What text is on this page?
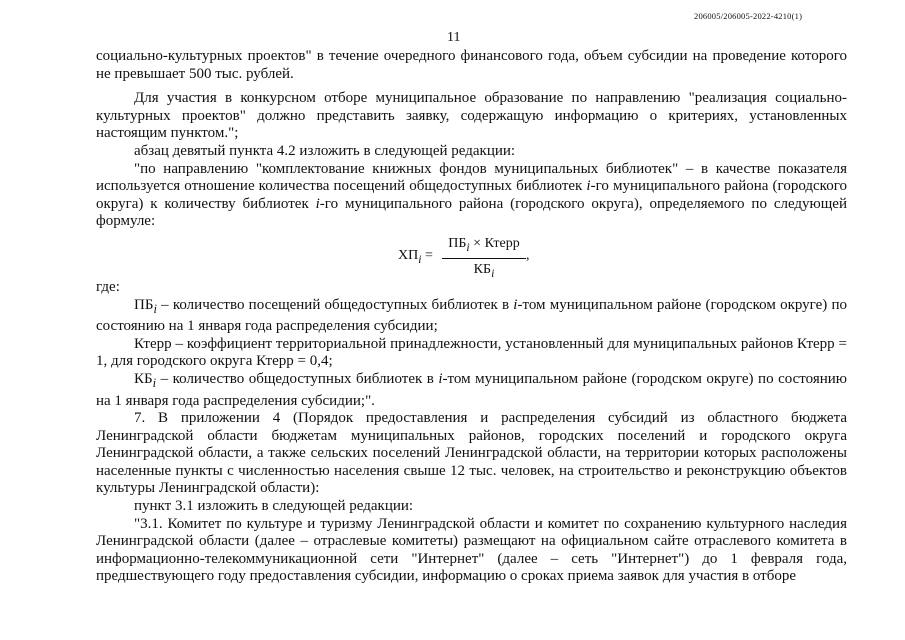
206005/206005-2022-4210(1)
11

социально-культурных проектов" в течение очередного финансового года, объем субсидии на проведение которого не превышает 500 тыс. рублей.

Для участия в конкурсном отборе муниципальное образование по направлению "реализация социально-культурных проектов" должно представить заявку, содержащую информацию о критериях, установленных настоящим пунктом.";

абзац девятый пункта 4.2 изложить в следующей редакции:

"по направлению "комплектование книжных фондов муниципальных библиотек" – в качестве показателя используется отношение количества посещений общедоступных библиотек i-го муниципального района (городского округа) к количеству библиотек i-го муниципального района (городского округа), определяемого по следующей формуле:

$ХП_i$ =
$ПБ_i$ × Ктерр
$КБ_i$
,

где:

$ПБ_i$ – количество посещений общедоступных библиотек в i-том муниципальном районе (городском округе) по состоянию на 1 января года распределения субсидии;

Ктерр – коэффициент территориальной принадлежности, установленный для муниципальных районов Ктерр = 1, для городского округа Ктерр = 0,4;

$КБ_i$ – количество общедоступных библиотек в i-том муниципальном районе (городском округе) по состоянию на 1 января года распределения субсидии;".

7. В приложении 4 (Порядок предоставления и распределения субсидий из областного бюджета Ленинградской области бюджетам муниципальных районов, городских поселений и городского округа Ленинградской области, а также сельских поселений Ленинградской области, на территории которых расположены населенные пункты с численностью населения свыше 12 тыс. человек, на строительство и реконструкцию объектов культуры Ленинградской области):

пункт 3.1 изложить в следующей редакции:

"3.1. Комитет по культуре и туризму Ленинградской области и комитет по сохранению культурного наследия Ленинградской области (далее – отраслевые комитеты) размещают на официальном сайте отраслевого комитета в информационно-телекоммуникационной сети "Интернет" (далее – сеть "Интернет") до 1 февраля года, предшествующего году предоставления субсидии, информацию о сроках приема заявок для участия в отборе
